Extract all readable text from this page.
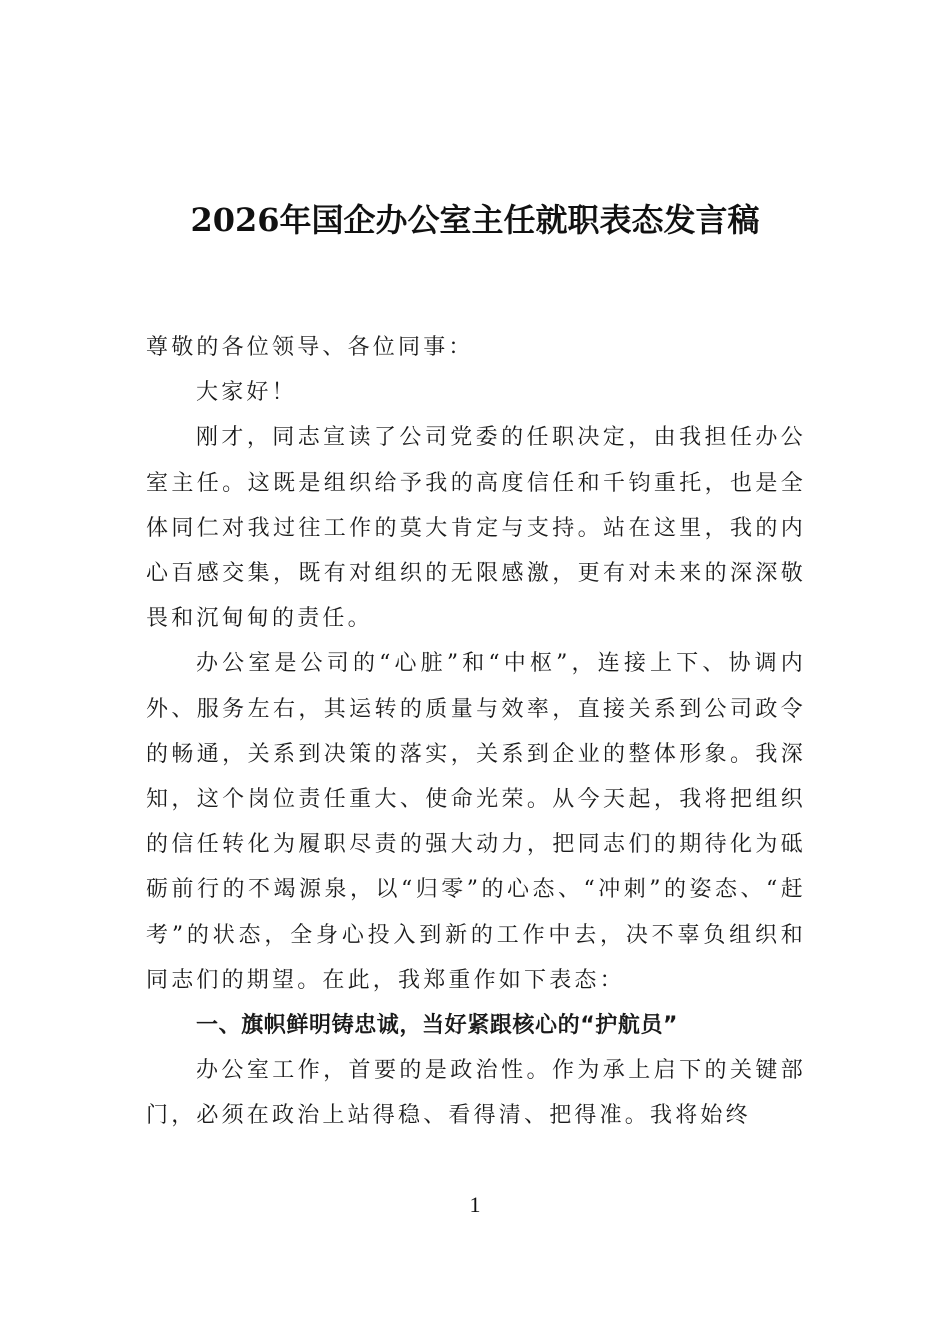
2026年国企办公室主任就职表态发言稿

尊敬的各位领导、各位同事：

大家好！

刚才，同志宣读了公司党委的任职决定，由我担任办公室主任。这既是组织给予我的高度信任和千钧重托，也是全体同仁对我过往工作的莫大肯定与支持。站在这里，我的内心百感交集，既有对组织的无限感激，更有对未来的深深敬畏和沉甸甸的责任。

办公室是公司的“心脏”和“中枢”，连接上下、协调内外、服务左右，其运转的质量与效率，直接关系到公司政令的畅通，关系到决策的落实，关系到企业的整体形象。我深知，这个岗位责任重大、使命光荣。从今天起，我将把组织的信任转化为履职尽责的强大动力，把同志们的期待化为砥砺前行的不竭源泉，以“归零”的心态、“冲刺”的姿态、“赶考”的状态，全身心投入到新的工作中去，决不辜负组织和同志们的期望。在此，我郑重作如下表态：

一、旗帜鲜明铸忠诚，当好紧跟核心的“护航员”

办公室工作，首要的是政治性。作为承上启下的关键部门，必须在政治上站得稳、看得清、把得准。我将始终

1
